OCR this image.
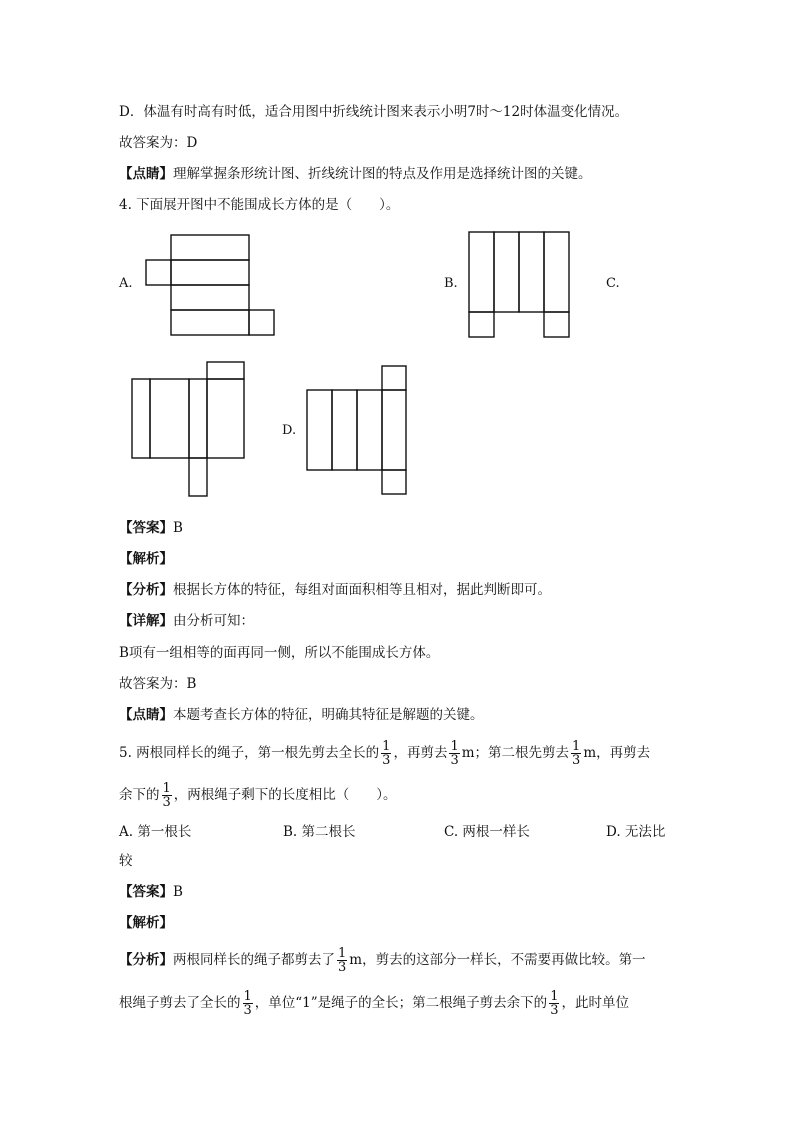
D．体温有时高有时低，适合用图中折线统计图来表示小明7时～12时体温变化情况。
故答案为：D
【点睛】理解掌握条形统计图、折线统计图的特点及作用是选择统计图的关键。
4. 下面展开图中不能围成长方体的是（　　）。
A.	B.	C.
D.
【答案】B
【解析】
【分析】根据长方体的特征，每组对面面积相等且相对，据此判断即可。
【详解】由分析可知：
B项有一组相等的面再同一侧，所以不能围成长方体。
故答案为：B
【点睛】本题考查长方体的特征，明确其特征是解题的关键。
5. 两根同样长的绳子，第一根先剪去全长的 $\frac{1}{3}$ ，再剪去 $\frac{1}{3}$ m；第二根先剪去 $\frac{1}{3}$ m，再剪去
余下的 $\frac{1}{3}$ ，两根绳子剩下的长度相比（　　）。
A. 第一根长	B. 第二根长	C. 两根一样长	D. 无法比
较
【答案】B
【解析】
【分析】两根同样长的绳子都剪去了 $\frac{1}{3}$ m，剪去的这部分一样长，不需要再做比较。第一
根绳子剪去了全长的 $\frac{1}{3}$ ，单位“1”是绳子的全长；第二根绳子剪去余下的 $\frac{1}{3}$ ，此时单位
